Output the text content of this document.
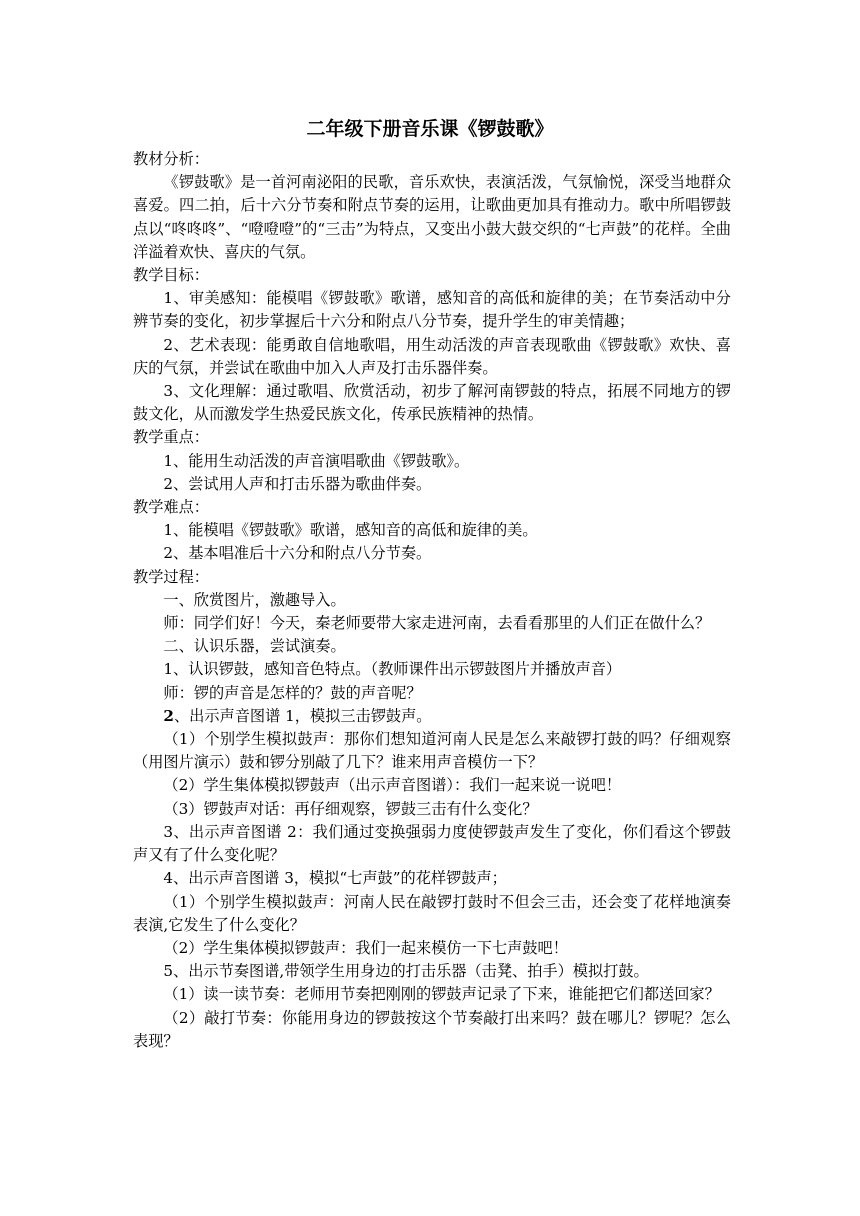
二年级下册音乐课《锣鼓歌》

教材分析：

《锣鼓歌》是一首河南泌阳的民歌，音乐欢快，表演活泼，气氛愉悦，深受当地群众喜爱。四二拍，后十六分节奏和附点节奏的运用，让歌曲更加具有推动力。歌中所唱锣鼓点以“咚咚咚”、“噔噔噔”的“三击”为特点，又变出小鼓大鼓交织的“七声鼓”的花样。全曲洋溢着欢快、喜庆的气氛。

教学目标：

1、审美感知：能模唱《锣鼓歌》歌谱，感知音的高低和旋律的美；在节奏活动中分辨节奏的变化，初步掌握后十六分和附点八分节奏，提升学生的审美情趣；

2、艺术表现：能勇敢自信地歌唱，用生动活泼的声音表现歌曲《锣鼓歌》欢快、喜庆的气氛，并尝试在歌曲中加入人声及打击乐器伴奏。

3、文化理解：通过歌唱、欣赏活动，初步了解河南锣鼓的特点，拓展不同地方的锣鼓文化，从而激发学生热爱民族文化，传承民族精神的热情。

教学重点：

1、能用生动活泼的声音演唱歌曲《锣鼓歌》。

2、尝试用人声和打击乐器为歌曲伴奏。

教学难点：

1、能模唱《锣鼓歌》歌谱，感知音的高低和旋律的美。

2、基本唱准后十六分和附点八分节奏。

教学过程：

一、欣赏图片，激趣导入。

师：同学们好！今天，秦老师要带大家走进河南，去看看那里的人们正在做什么？

二、认识乐器，尝试演奏。

1、认识锣鼓，感知音色特点。（教师课件出示锣鼓图片并播放声音）

师：锣的声音是怎样的？鼓的声音呢？

2、出示声音图谱 1，模拟三击锣鼓声。

（1）个别学生模拟鼓声：那你们想知道河南人民是怎么来敲锣打鼓的吗？仔细观察（用图片演示）鼓和锣分别敲了几下？谁来用声音模仿一下？

（2）学生集体模拟锣鼓声（出示声音图谱）：我们一起来说一说吧！

（3）锣鼓声对话：再仔细观察，锣鼓三击有什么变化？

3、出示声音图谱 2：我们通过变换强弱力度使锣鼓声发生了变化，你们看这个锣鼓声又有了什么变化呢？

4、出示声音图谱 3，模拟“七声鼓”的花样锣鼓声；

（1）个别学生模拟鼓声：河南人民在敲锣打鼓时不但会三击，还会变了花样地演奏表演,它发生了什么变化？

（2）学生集体模拟锣鼓声：我们一起来模仿一下七声鼓吧！

5、出示节奏图谱,带领学生用身边的打击乐器（击凳、拍手）模拟打鼓。

（1）读一读节奏：老师用节奏把刚刚的锣鼓声记录了下来，谁能把它们都送回家？

（2）敲打节奏：你能用身边的锣鼓按这个节奏敲打出来吗？鼓在哪儿？锣呢？怎么表现？
